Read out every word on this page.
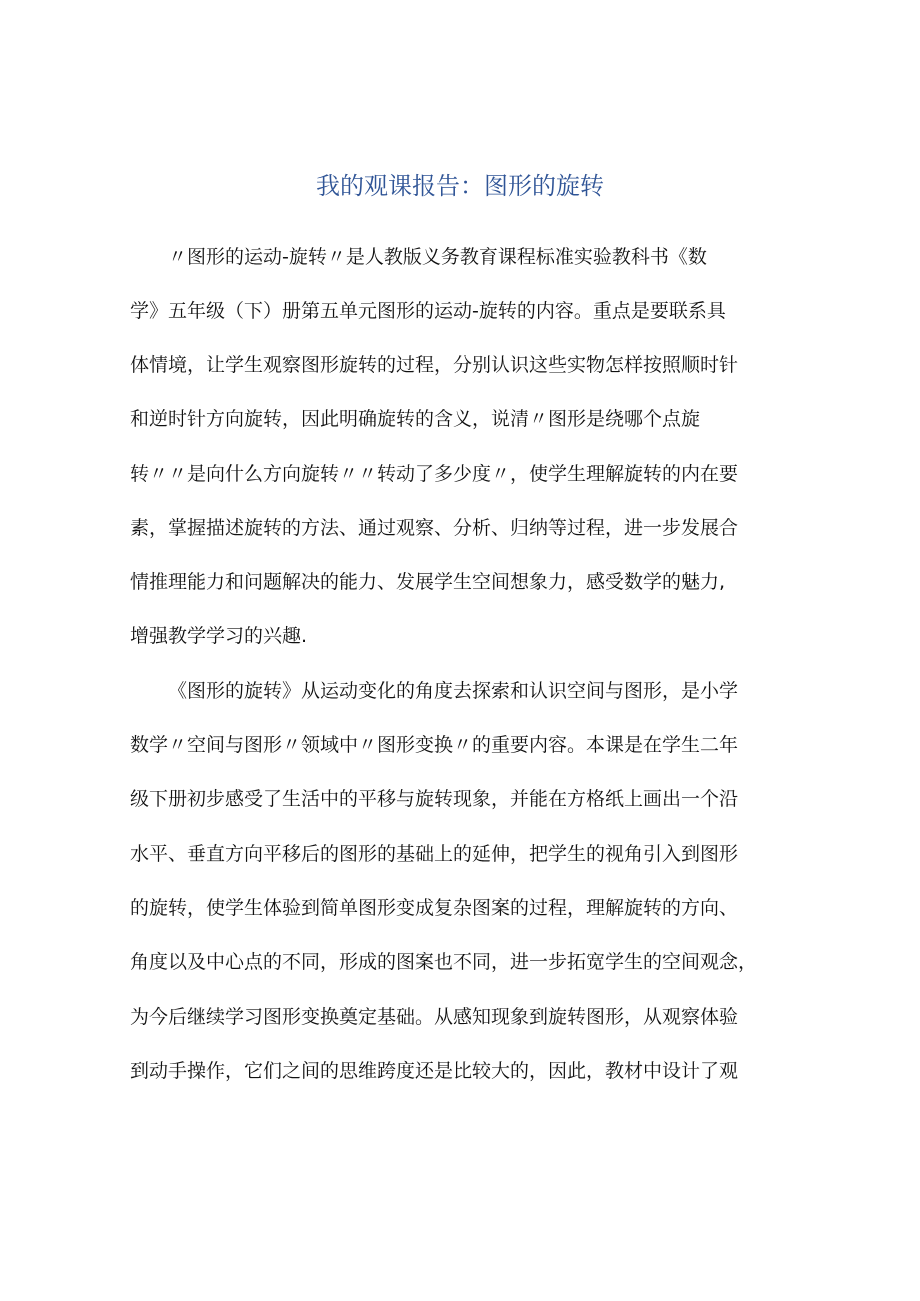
我的观课报告：图形的旋转
〃图形的运动-旋转〃是人教版义务教育课程标准实验教科书《数
学》五年级（下）册第五单元图形的运动-旋转的内容。重点是要联系具
体情境，让学生观察图形旋转的过程，分别认识这些实物怎样按照顺时针
和逆时针方向旋转，因此明确旋转的含义，说清〃图形是绕哪个点旋
转〃〃是向什么方向旋转〃〃转动了多少度〃，使学生理解旋转的内在要
素，掌握描述旋转的方法、通过观察、分析、归纳等过程，进一步发展合
情推理能力和问题解决的能力、发展学生空间想象力，感受数学的魅力,
增强教学学习的兴趣.
《图形的旋转》从运动变化的角度去探索和认识空间与图形，是小学
数学〃空间与图形〃领域中〃图形变换〃的重要内容。本课是在学生二年
级下册初步感受了生活中的平移与旋转现象，并能在方格纸上画出一个沿
水平、垂直方向平移后的图形的基础上的延伸，把学生的视角引入到图形
的旋转，使学生体验到简单图形变成复杂图案的过程，理解旋转的方向、
角度以及中心点的不同，形成的图案也不同，进一步拓宽学生的空间观念，
为今后继续学习图形变换奠定基础。从感知现象到旋转图形，从观察体验
到动手操作，它们之间的思维跨度还是比较大的，因此，教材中设计了观
